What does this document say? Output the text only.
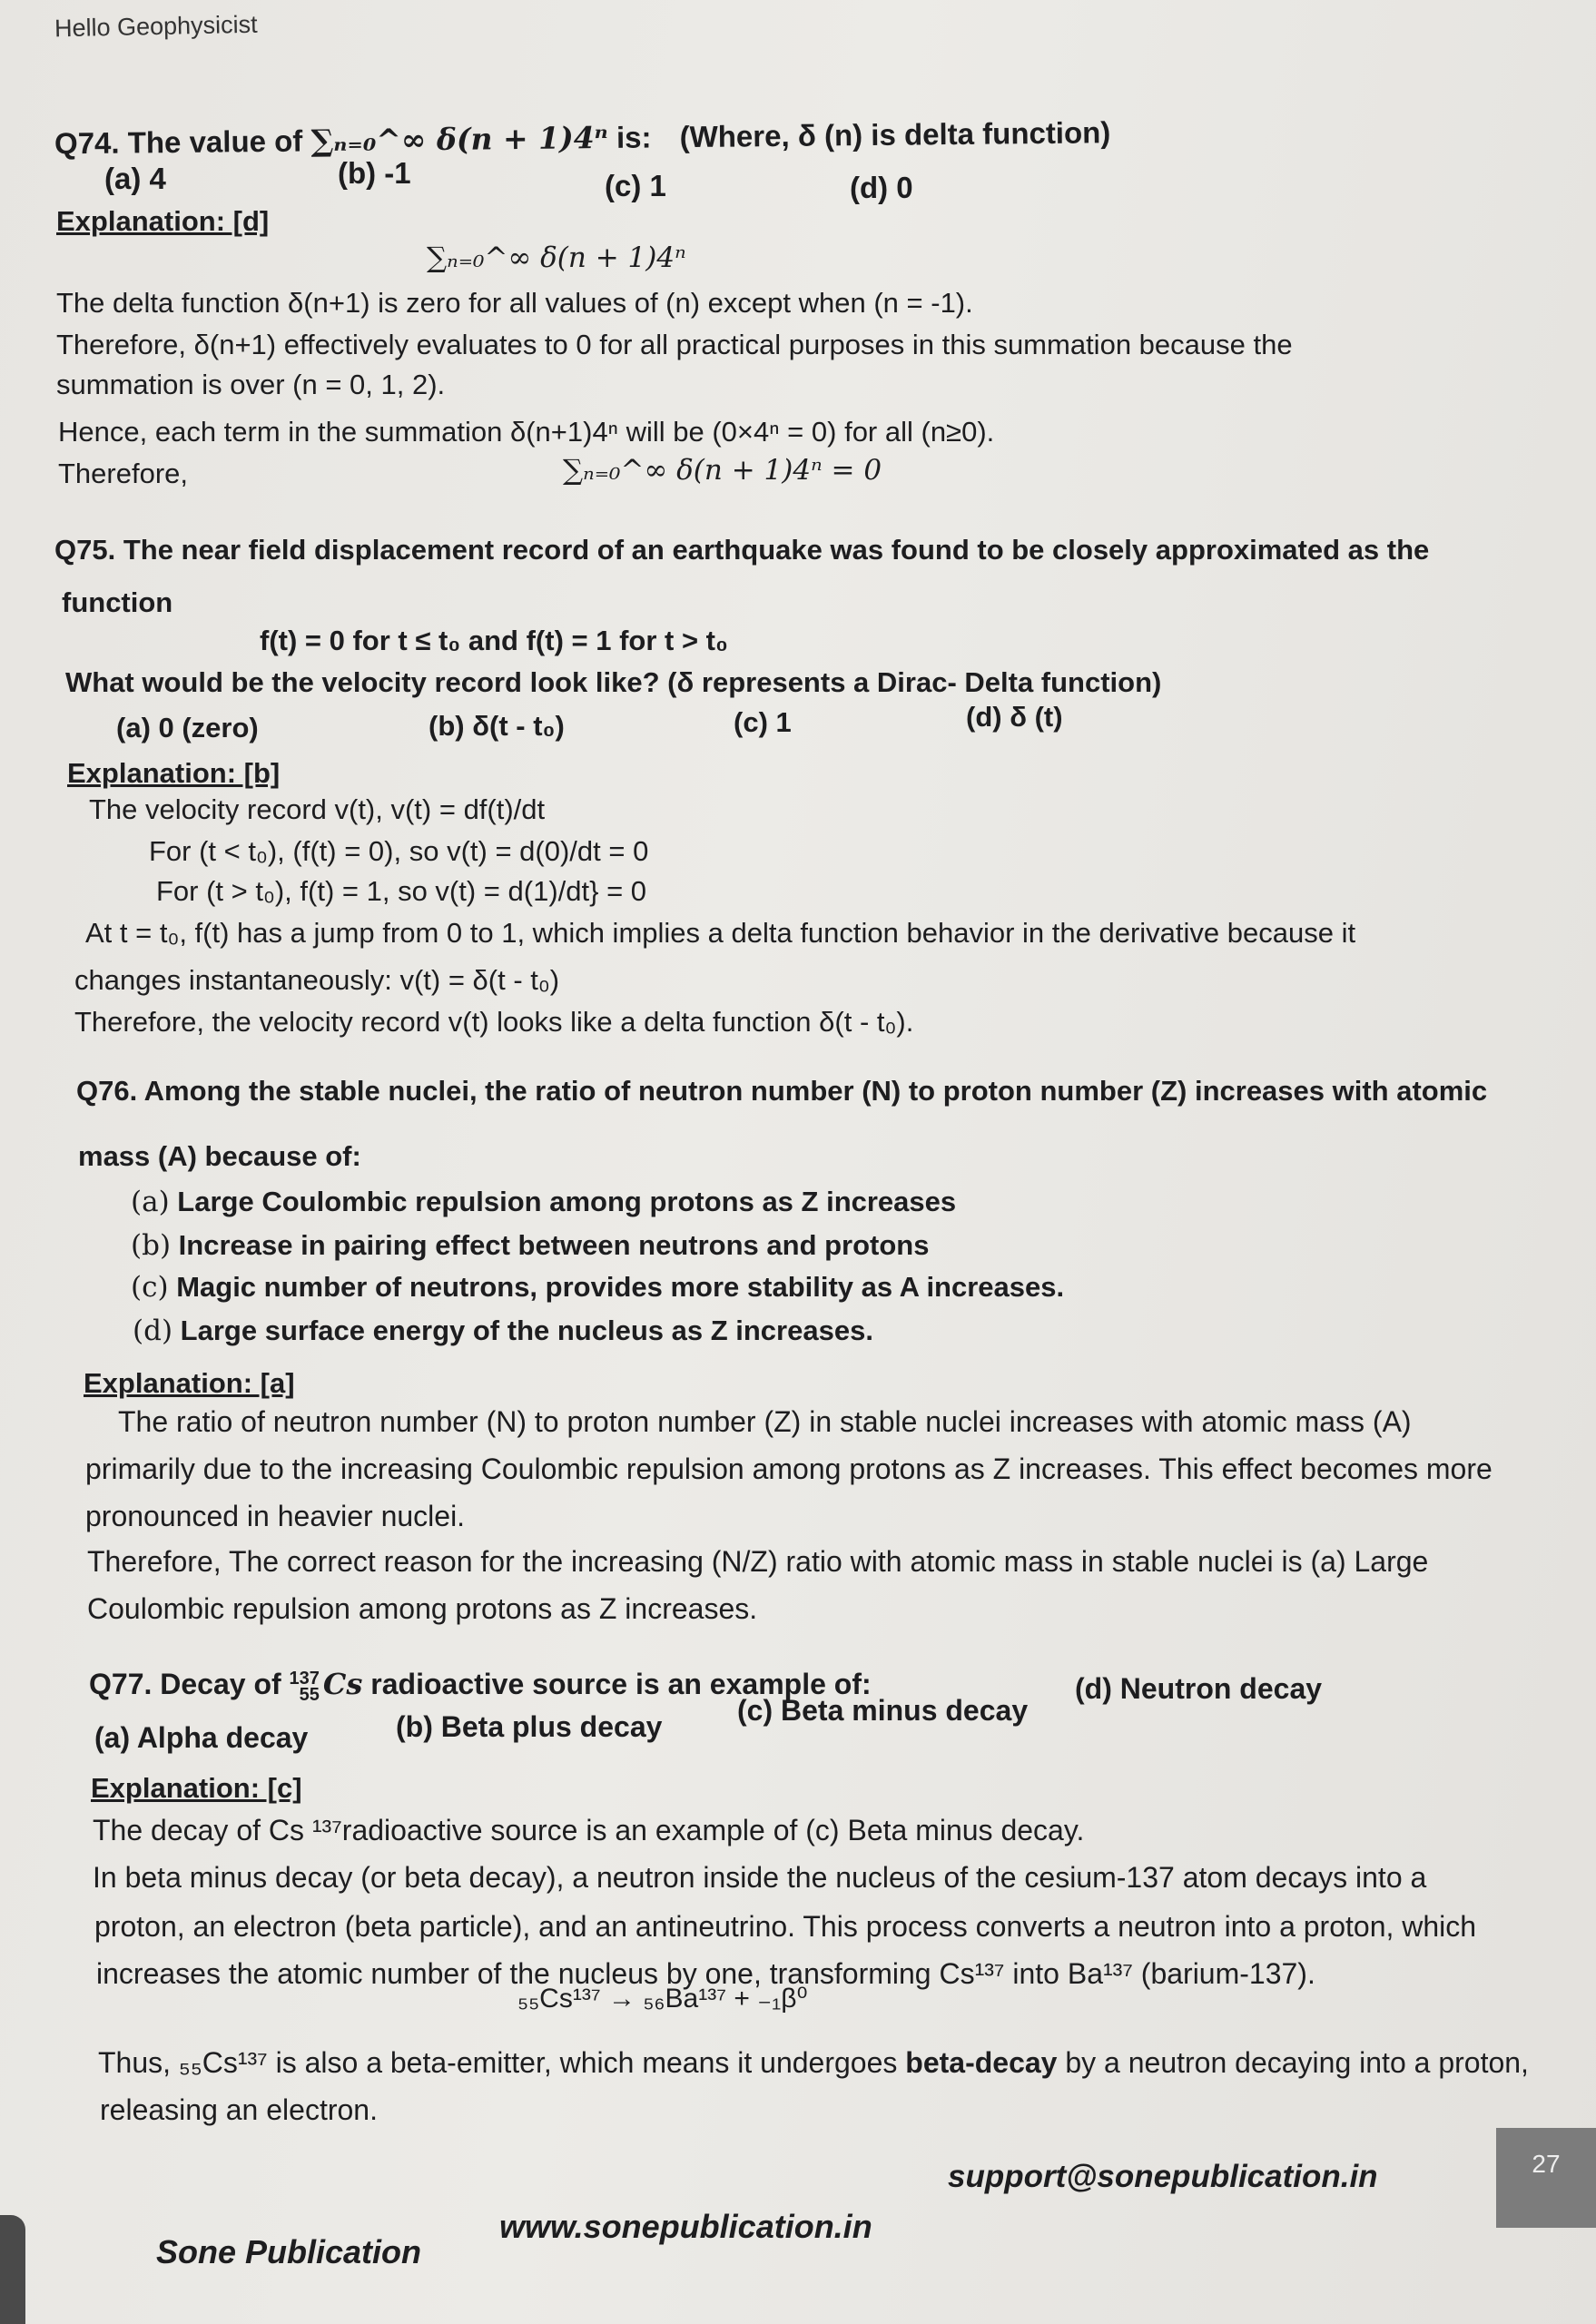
Hello Geophysicist
Q74. The value of ∑ₙ₌₀^∞ δ(n + 1)4ⁿ is: (Where, δ (n) is delta function)
(a) 4	(b) -1	(c) 1	(d) 0
Explanation: [d]
∑ₙ₌₀^∞ δ(n + 1)4ⁿ
The delta function δ(n+1) is zero for all values of (n) except when (n = -1).
Therefore, δ(n+1) effectively evaluates to 0 for all practical purposes in this summation because the
summation is over (n = 0, 1, 2).
Hence, each term in the summation δ(n+1)4ⁿ will be (0×4ⁿ = 0) for all (n≥0).
Therefore,	∑ₙ₌₀^∞ δ(n + 1)4ⁿ = 0
Q75. The near field displacement record of an earthquake was found to be closely approximated as the
function
f(t) = 0 for t ≤ t₀ and f(t) = 1 for t > t₀
What would be the velocity record look like? (δ represents a Dirac- Delta function)
(a) 0 (zero)	(b) δ(t - t₀)	(c) 1	(d) δ (t)
Explanation: [b]
The velocity record v(t), v(t) = df(t)/dt
For (t < t₀), (f(t) = 0), so v(t) = d(0)/dt = 0
For (t > t₀), f(t) = 1, so v(t) = d(1)/dt} = 0
At t = t₀, f(t) has a jump from 0 to 1, which implies a delta function behavior in the derivative because it
changes instantaneously: v(t) = δ(t - t₀)
Therefore, the velocity record v(t) looks like a delta function δ(t - t₀).
Q76. Among the stable nuclei, the ratio of neutron number (N) to proton number (Z) increases with atomic
mass (A) because of:
(a) Large Coulombic repulsion among protons as Z increases
(b) Increase in pairing effect between neutrons and protons
(c) Magic number of neutrons, provides more stability as A increases.
(d) Large surface energy of the nucleus as Z increases.
Explanation: [a]
The ratio of neutron number (N) to proton number (Z) in stable nuclei increases with atomic mass (A)
primarily due to the increasing Coulombic repulsion among protons as Z increases. This effect becomes more
pronounced in heavier nuclei.
Therefore, The correct reason for the increasing (N/Z) ratio with atomic mass in stable nuclei is (a) Large
Coulombic repulsion among protons as Z increases.
Q77. Decay of 137
55 Cs radioactive source is an example of:
(a) Alpha decay	(b) Beta plus decay	(c) Beta minus decay
(d) Neutron decay
Explanation: [c]
The decay of Cs ¹³⁷radioactive source is an example of (c) Beta minus decay.
In beta minus decay (or beta decay), a neutron inside the nucleus of the cesium-137 atom decays into a
proton, an electron (beta particle), and an antineutrino. This process converts a neutron into a proton, which
increases the atomic number of the nucleus by one, transforming Cs¹³⁷ into Ba¹³⁷ (barium-137).
₅₅Cs¹³⁷ → ₅₆Ba¹³⁷ + ₋₁β⁰
Thus, ₅₅Cs¹³⁷ is also a beta-emitter, which means it undergoes beta-decay by a neutron decaying into a proton,
releasing an electron.
Sone Publication
www.sonepublication.in
support@sonepublication.in	27
